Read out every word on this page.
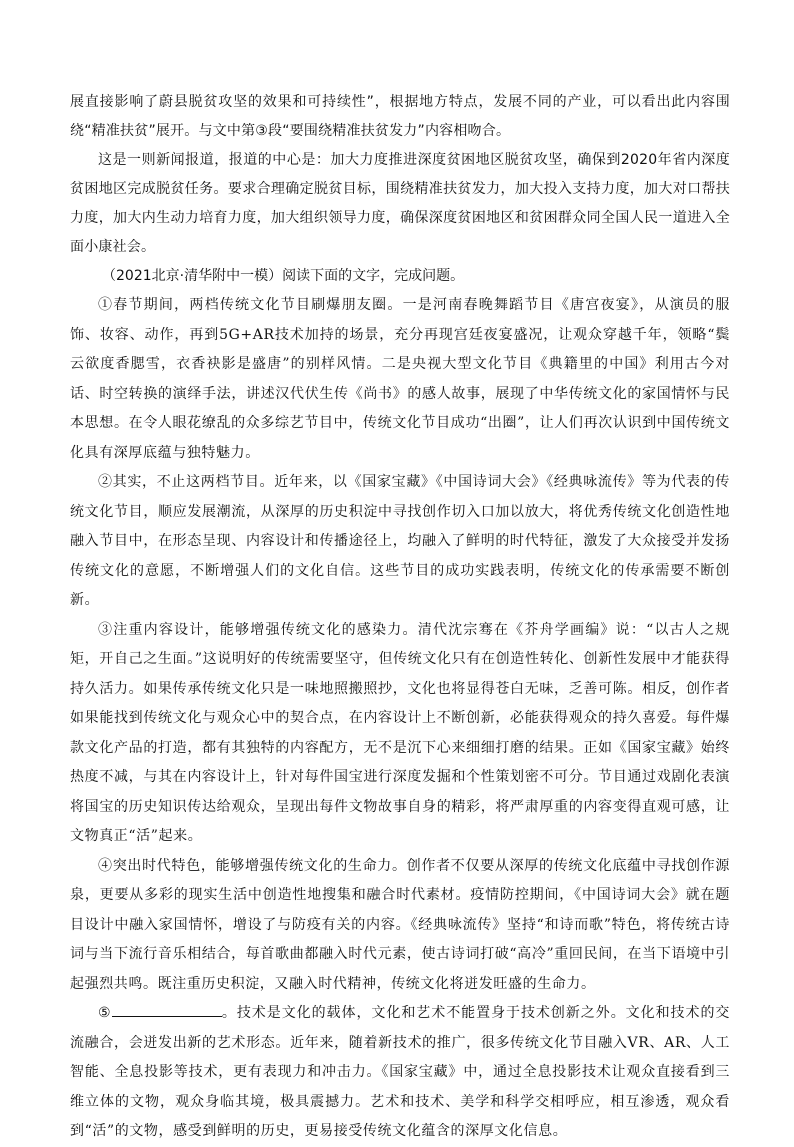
展直接影响了蔚县脱贫攻坚的效果和可持续性”，根据地方特点，发展不同的产业，可以看出此内容围绕“精准扶贫”展开。与文中第③段“要围绕精准扶贫发力”内容相吻合。

这是一则新闻报道，报道的中心是：加大力度推进深度贫困地区脱贫攻坚，确保到2020年省内深度贫困地区完成脱贫任务。要求合理确定脱贫目标，围绕精准扶贫发力，加大投入支持力度，加大对口帮扶力度，加大内生动力培育力度，加大组织领导力度，确保深度贫困地区和贫困群众同全国人民一道进入全面小康社会。

（2021北京·清华附中一模）阅读下面的文字，完成问题。

①春节期间，两档传统文化节目刷爆朋友圈。一是河南春晚舞蹈节目《唐宫夜宴》，从演员的服饰、妆容、动作，再到5G+AR技术加持的场景，充分再现宫廷夜宴盛况，让观众穿越千年，领略“鬓云欲度香腮雪，衣香袂影是盛唐”的别样风情。二是央视大型文化节目《典籍里的中国》利用古今对话、时空转换的演绎手法，讲述汉代伏生传《尚书》的感人故事，展现了中华传统文化的家国情怀与民本思想。在令人眼花缭乱的众多综艺节目中，传统文化节目成功“出圈”，让人们再次认识到中国传统文化具有深厚底蕴与独特魅力。

②其实，不止这两档节目。近年来，以《国家宝藏》《中国诗词大会》《经典咏流传》等为代表的传统文化节目，顺应发展潮流，从深厚的历史积淀中寻找创作切入口加以放大，将优秀传统文化创造性地融入节目中，在形态呈现、内容设计和传播途径上，均融入了鲜明的时代特征，激发了大众接受并发扬传统文化的意愿，不断增强人们的文化自信。这些节目的成功实践表明，传统文化的传承需要不断创新。

③注重内容设计，能够增强传统文化的感染力。清代沈宗骞在《芥舟学画编》说：“以古人之规矩，开自己之生面。”这说明好的传统需要坚守，但传统文化只有在创造性转化、创新性发展中才能获得持久活力。如果传承传统文化只是一味地照搬照抄，文化也将显得苍白无味，乏善可陈。相反，创作者如果能找到传统文化与观众心中的契合点，在内容设计上不断创新，必能获得观众的持久喜爱。每件爆款文化产品的打造，都有其独特的内容配方，无不是沉下心来细细打磨的结果。正如《国家宝藏》始终热度不减，与其在内容设计上，针对每件国宝进行深度发掘和个性策划密不可分。节目通过戏剧化表演将国宝的历史知识传达给观众，呈现出每件文物故事自身的精彩，将严肃厚重的内容变得直观可感，让文物真正“活”起来。

④突出时代特色，能够增强传统文化的生命力。创作者不仅要从深厚的传统文化底蕴中寻找创作源泉，更要从多彩的现实生活中创造性地搜集和融合时代素材。疫情防控期间，《中国诗词大会》就在题目设计中融入家国情怀，增设了与防疫有关的内容。《经典咏流传》坚持“和诗而歌”特色，将传统古诗词与当下流行音乐相结合，每首歌曲都融入时代元素，使古诗词打破“高冷”重回民间，在当下语境中引起强烈共鸣。既注重历史积淀，又融入时代精神，传统文化将迸发旺盛的生命力。

⑤	。技术是文化的载体，文化和艺术不能置身于技术创新之外。文化和技术的交流融合，会迸发出新的艺术形态。近年来，随着新技术的推广，很多传统文化节目融入VR、AR、人工智能、全息投影等技术，更有表现力和冲击力。《国家宝藏》中，通过全息投影技术让观众直接看到三维立体的文物，观众身临其境，极具震撼力。艺术和技术、美学和科学交相呼应，相互渗透，观众看到“活”的文物，感受到鲜明的历史，更易接受传统文化蕴含的深厚文化信息。
